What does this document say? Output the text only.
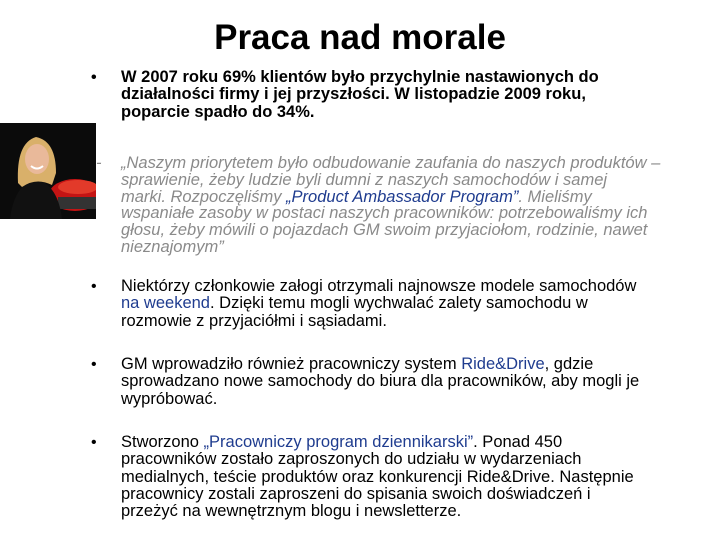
Praca nad morale
• W 2007 roku 69% klientów było przychylnie nastawionych do
działalności firmy i jej przyszłości. W listopadzie 2009 roku,
poparcie spadło do 34%.
- „Naszym priorytetem było odbudowanie zaufania do naszych produktów –
sprawienie, żeby ludzie byli dumni z naszych samochodów i samej
marki. Rozpoczęliśmy „Product Ambassador Program”. Mieliśmy
wspaniałe zasoby w postaci naszych pracowników: potrzebowaliśmy ich
głosu, żeby mówili o pojazdach GM swoim przyjaciołom, rodzinie, nawet
nieznajomym”
• Niektórzy członkowie załogi otrzymali najnowsze modele samochodów
na weekend. Dzięki temu mogli wychwalać zalety samochodu w
rozmowie z przyjaciółmi i sąsiadami.
• GM wprowadziło również pracowniczy system Ride&Drive, gdzie
sprowadzano nowe samochody do biura dla pracowników, aby mogli je
wypróbować.
• Stworzono „Pracowniczy program dziennikarski”. Ponad 450
pracowników zostało zaproszonych do udziału w wydarzeniach
medialnych, teście produktów oraz konkurencji Ride&Drive. Następnie
pracownicy zostali zaproszeni do spisania swoich doświadczeń i
przeżyć na wewnętrznym blogu i newsletterze.
